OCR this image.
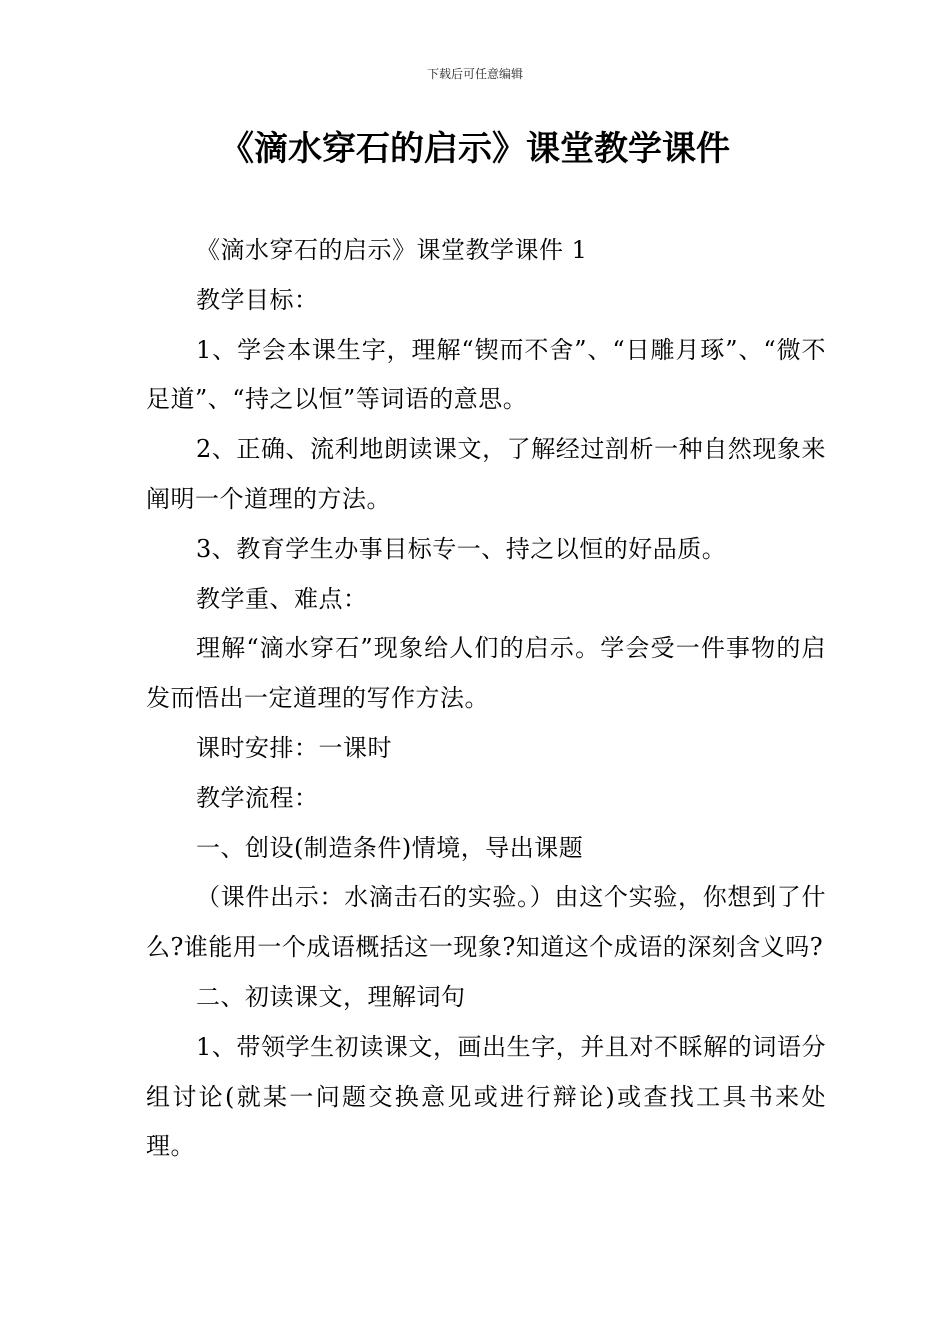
下载后可任意编辑
《滴水穿石的启示》课堂教学课件

《滴水穿石的启示》课堂教学课件 1

教学目标：

1、学会本课生字，理解“锲而不舍”、“日雕月琢”、“微不足道”、“持之以恒”等词语的意思。

2、正确、流利地朗读课文，了解经过剖析一种自然现象来阐明一个道理的方法。

3、教育学生办事目标专一、持之以恒的好品质。

教学重、难点：

理解“滴水穿石”现象给人们的启示。学会受一件事物的启发而悟出一定道理的写作方法。

课时安排：一课时

教学流程：

一、创设(制造条件)情境，导出课题

（课件出示：水滴击石的实验。）由这个实验，你想到了什么?谁能用一个成语概括这一现象?知道这个成语的深刻含义吗?

二、初读课文，理解词句

1、带领学生初读课文，画出生字，并且对不睬解的词语分组讨论(就某一问题交换意见或进行辩论)或查找工具书来处理。
